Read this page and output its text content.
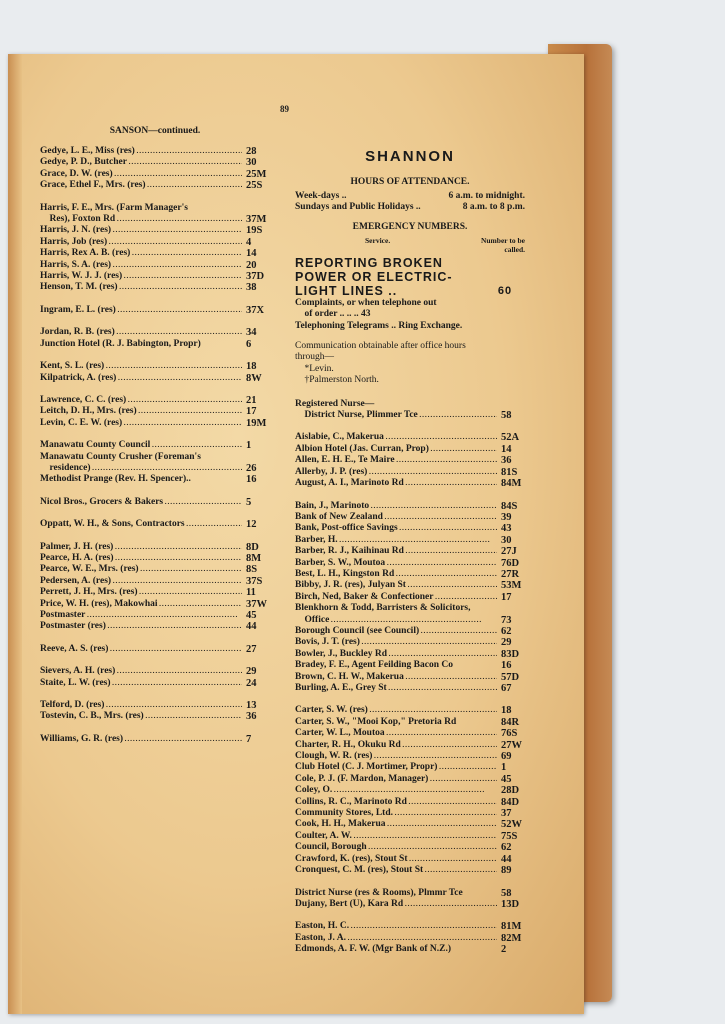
89
SANSON—continued.
Gedye, L. E., Miss (res) . . .	28
Gedye, P. D., Butcher . . .	30
Grace, D. W. (res) . . .	25M
Grace, Ethel F., Mrs. (res) . . .	25S
Harris, F. E., Mrs. (Farm Manager's
Res), Foxton Rd . . .	37M
Harris, J. N. (res) . . .	19S
Harris, Job (res) . . .	4
Harris, Rex A. B. (res) . . .	14
Harris, S. A. (res) . . .	20
Harris, W. J. J. (res) . . .	37D
Henson, T. M. (res) . . .	38
Ingram, E. L. (res) . . .	37X
Jordan, R. B. (res) . . .	34
Junction Hotel (R. J. Babington, Propr)	6
Kent, S. L. (res) . . .	18
Kilpatrick, A. (res) . . .	8W
Lawrence, C. C. (res) . . .	21
Leitch, D. H., Mrs. (res) . . .	17
Levin, C. E. W. (res) . . .	19M
Manawatu County Council . . .	1
Manawatu County Crusher (Foreman's
residence) . . .	26
Methodist Prange (Rev. H. Spencer)..	16
Nicol Bros., Grocers & Bakers . . .	5
Oppatt, W. H., & Sons, Contractors . . .	12
Palmer, J. H. (res) . . .	8D
Pearce, H. A. (res) . . .	8M
Pearce, W. E., Mrs. (res) . . .	8S
Pedersen, A. (res) . . .	37S
Perrett, J. H., Mrs. (res) . . .	11
Price, W. H. (res), Makowhai . . .	37W
Postmaster . . .	45
Postmaster (res) . . .	44
Reeve, A. S. (res) . . .	27
Sievers, A. H. (res) . . .	29
Staite, L. W. (res) . . .	24
Telford, D. (res) . . .	13
Tostevin, C. B., Mrs. (res) . . .	36
Williams, G. R. (res) . . .	7
SHANNON
HOURS OF ATTENDANCE.
Week-days ..	6 a.m. to midnight.
Sundays and Public Holidays ..	8 a.m. to 8 p.m.
EMERGENCY NUMBERS.
Service.	Number to be called.
REPORTING BROKEN
POWER OR ELECTRIC-
LIGHT LINES ..	60
Complaints, or when telephone out
of order .. .. .. 43
Telephoning Telegrams .. Ring Exchange.
Communication obtainable after office hours
through—
*Levin.
†Palmerston North.
Registered Nurse—
District Nurse, Plimmer Tce . . .	58
Aislabie, C., Makerua . . .	52A
Albion Hotel (Jas. Curran, Prop) . . .	14
Allen, E. H. E., Te Maire . . .	36
Allerby, J. P. (res) . . .	81S
August, A. I., Marinoto Rd . . .	84M
Bain, J., Marinoto . . .	84S
Bank of New Zealand . . .	39
Bank, Post-office Savings . . .	43
Barber, H. . . .	30
Barber, R. J., Kaihinau Rd . . .	27J
Barber, S. W., Moutoa . . .	76D
Best, L. H., Kingston Rd . . .	27R
Bibby, J. R. (res), Julyan St . . .	53M
Birch, Ned, Baker & Confectioner . . .	17
Blenkhorn & Todd, Barristers & Solicitors,
Office . . .	73
Borough Council (see Council) . . .	62
Bovis, J. T. (res) . . .	29
Bowler, J., Buckley Rd . . .	83D
Bradey, F. E., Agent Feilding Bacon Co	16
Brown, C. H. W., Makerua . . .	57D
Burling, A. E., Grey St . . .	67
Carter, S. W. (res) . . .	18
Carter, S. W., "Mooi Kop," Pretoria Rd	84R
Carter, W. L., Moutoa . . .	76S
Charter, R. H., Okuku Rd . . .	27W
Clough, W. R. (res) . . .	69
Club Hotel (C. J. Mortimer, Propr) . . .	1
Cole, P. J. (F. Mardon, Manager) . . .	45
Coley, O. . . .	28D
Collins, R. C., Marinoto Rd . . .	84D
Community Stores, Ltd. . . .	37
Cook, H. H., Makerua . . .	52W
Coulter, A. W. . . .	75S
Council, Borough . . .	62
Crawford, K. (res), Stout St . . .	44
Cronquest, C. M. (res), Stout St . . .	89
District Nurse (res & Rooms), Plmmr Tce	58
Dujany, Bert (U), Kara Rd . . .	13D
Easton, H. C. . . .	81M
Easton, J. A. . . .	82M
Edmonds, A. F. W. (Mgr Bank of N.Z.)	2
